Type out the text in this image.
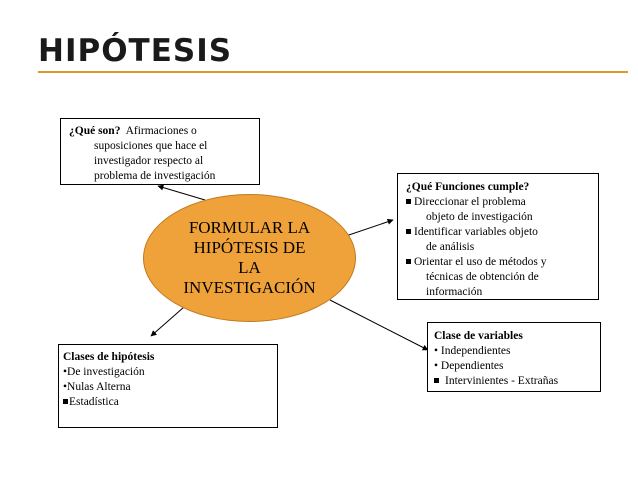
HIPÓTESIS
¿Qué son? Afirmaciones o
suposiciones que hace el
investigador respecto al
problema de investigación
FORMULAR LA
HIPÓTESIS DE
LA
INVESTIGACIÓN
¿Qué Funciones cumple?
Direccionar el problema
objeto de investigación
Identificar variables objeto
de análisis
Orientar el uso de métodos y
técnicas de obtención de
información
Clases de hipótesis
•De investigación
•Nulas Alterna
Estadística
Clase de variables
• Independientes
• Dependientes
Intervinientes - Extrañas
